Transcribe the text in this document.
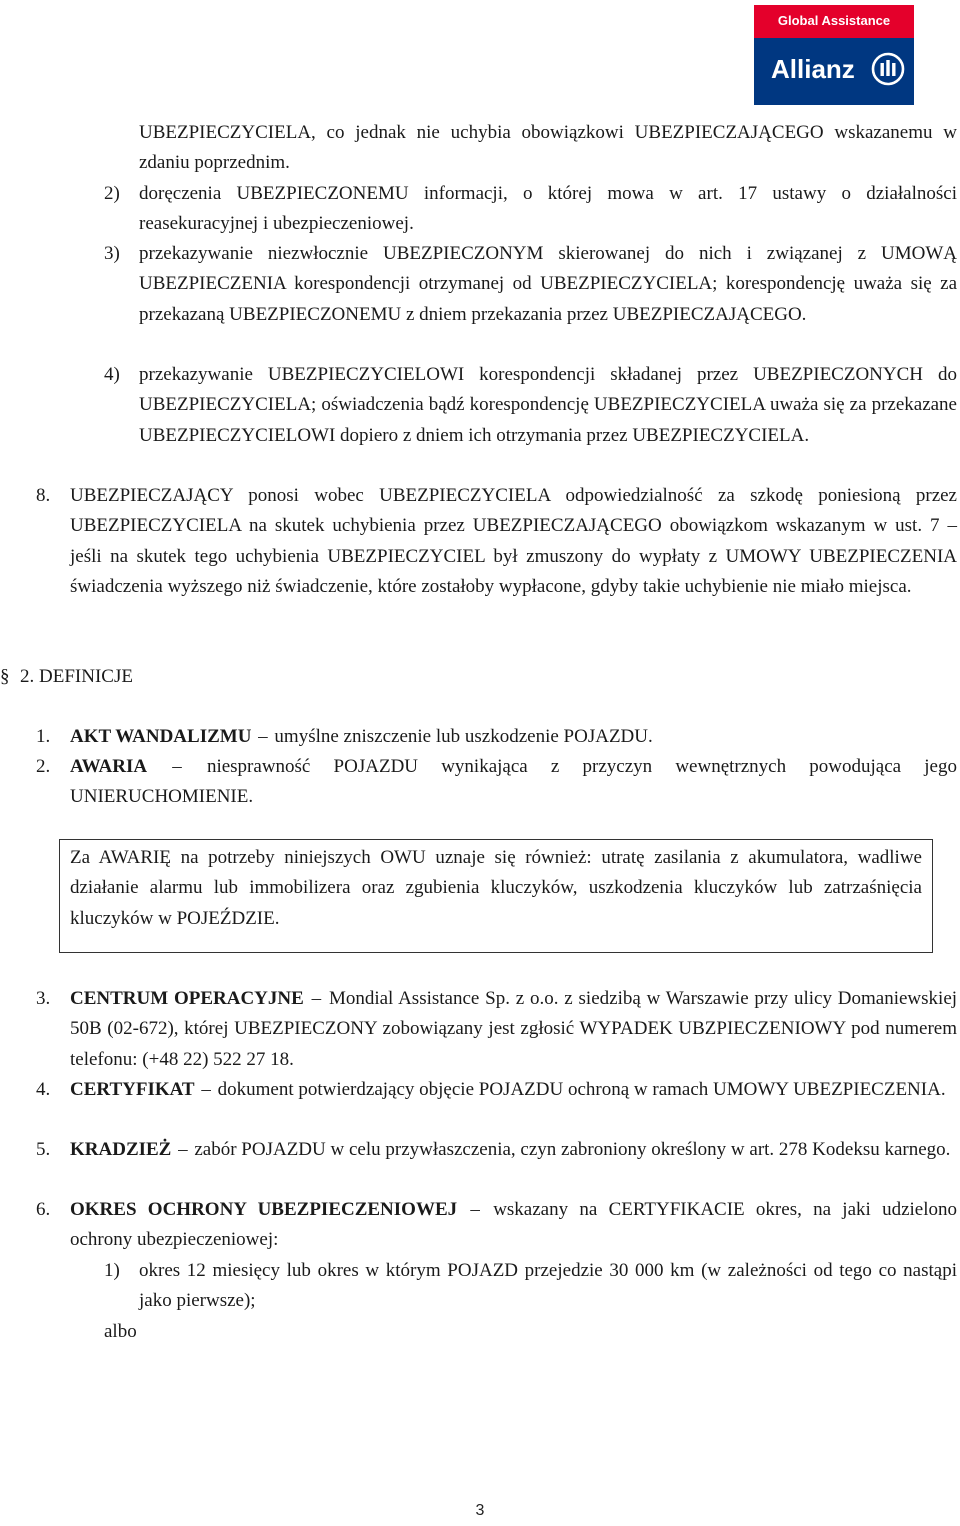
Global Assistance
Allianz

UBEZPIECZYCIELA, co jednak nie uchybia obowiązkowi UBEZPIECZAJĄCEGO wskazanemu w zdaniu poprzednim.

2) doręczenia UBEZPIECZONEMU informacji, o której mowa w art. 17 ustawy o działalności reasekuracyjnej i ubezpieczeniowej.

3) przekazywanie niezwłocznie UBEZPIECZONYM skierowanej do nich i związanej z UMOWĄ UBEZPIECZENIA korespondencji otrzymanej od UBEZPIECZYCIELA; korespondencję uważa się za przekazaną UBEZPIECZONEMU z dniem przekazania przez UBEZPIECZAJĄCEGO.

4) przekazywanie UBEZPIECZYCIELOWI korespondencji składanej przez UBEZPIECZONYCH do UBEZPIECZYCIELA; oświadczenia bądź korespondencję UBEZPIECZYCIELA uważa się za przekazane UBEZPIECZYCIELOWI dopiero z dniem ich otrzymania przez UBEZPIECZYCIELA.

8. UBEZPIECZAJĄCY ponosi wobec UBEZPIECZYCIELA odpowiedzialność za szkodę poniesioną przez UBEZPIECZYCIELA na skutek uchybienia przez UBEZPIECZAJĄCEGO obowiązkom wskazanym w ust. 7 – jeśli na skutek tego uchybienia UBEZPIECZYCIEL był zmuszony do wypłaty z UMOWY UBEZPIECZENIA świadczenia wyższego niż świadczenie, które zostałoby wypłacone, gdyby takie uchybienie nie miało miejsca.

§ 2. DEFINICJE
1. AKT WANDALIZMU – umyślne zniszczenie lub uszkodzenie POJAZDU.

2. AWARIA – niesprawność POJAZDU wynikająca z przyczyn wewnętrznych powodująca jego UNIERUCHOMIENIE.

Za AWARIĘ na potrzeby niniejszych OWU uznaje się również: utratę zasilania z akumulatora, wadliwe działanie alarmu lub immobilizera oraz zgubienia kluczyków, uszkodzenia kluczyków lub zatrzaśnięcia kluczyków w POJEŹDZIE.

3. CENTRUM OPERACYJNE – Mondial Assistance Sp. z o.o. z siedzibą w Warszawie przy ulicy Domaniewskiej 50B (02-672), której UBEZPIECZONY zobowiązany jest zgłosić WYPADEK UBZPIECZENIOWY pod numerem telefonu: (+48 22) 522 27 18.

4. CERTYFIKAT – dokument potwierdzający objęcie POJAZDU ochroną w ramach UMOWY UBEZPIECZENIA.

5. KRADZIEŻ – zabór POJAZDU w celu przywłaszczenia, czyn zabroniony określony w art. 278 Kodeksu karnego.

6. OKRES OCHRONY UBEZPIECZENIOWEJ – wskazany na CERTYFIKACIE okres, na jaki udzielono ochrony ubezpieczeniowej:

1) okres 12 miesięcy lub okres w którym POJAZD przejedzie 30 000 km (w zależności od tego co nastąpi jako pierwsze);

albo
3
